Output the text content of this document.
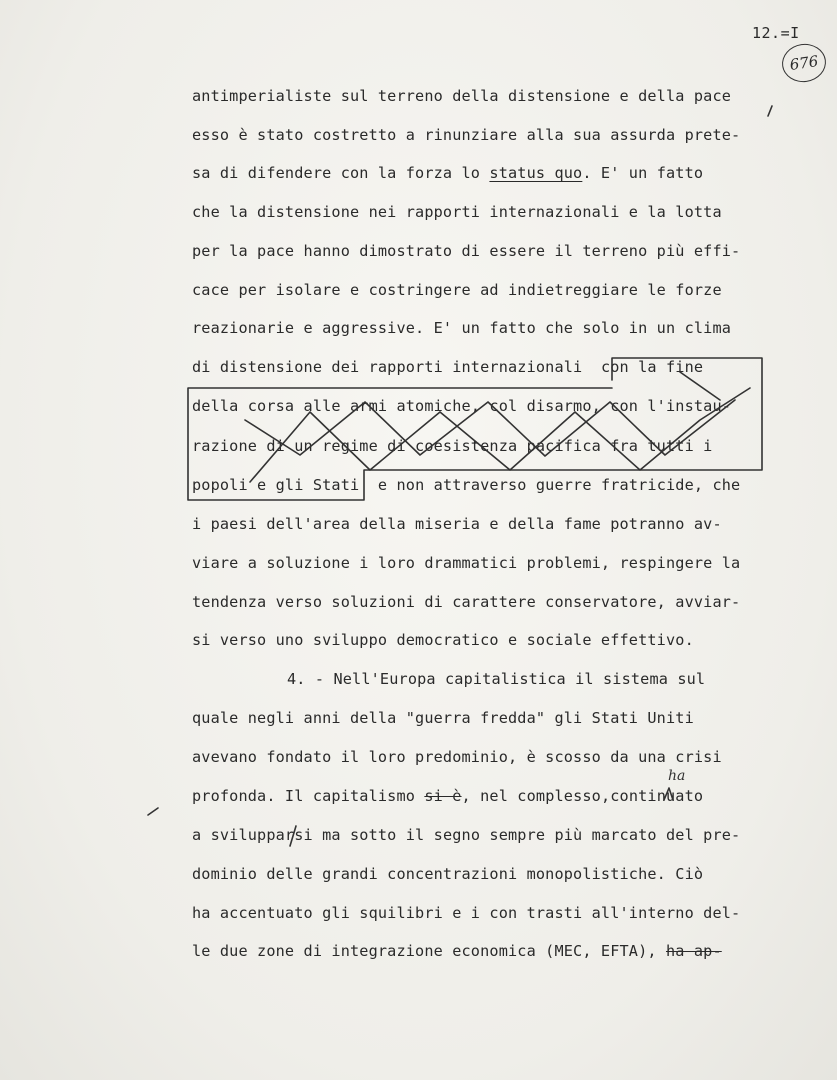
12.=I
676
antimperialiste sul terreno della distensione e della pace
esso è stato costretto a rinunziare alla sua assurda prete-
sa di difendere con la forza lo status quo. E' un fatto
che la distensione nei rapporti internazionali e la lotta
per la pace hanno dimostrato di essere il terreno più effi-
cace per isolare e costringere ad indietreggiare le forze
reazionarie e aggressive. E' un fatto che solo in un clima
di distensione dei rapporti internazionali con la fine
della corsa alle armi atomiche, col disarmo, con l'instau-
razione di un regime di coesistenza pacifica fra tutti i
popoli e gli Stati e non attraverso guerre fratricide, che
i paesi dell'area della miseria e della fame potranno av-
viare a soluzione i loro drammatici problemi, respingere la
tendenza verso soluzioni di carattere conservatore, avviar-
si verso uno sviluppo democratico e sociale effettivo.
4. - Nell'Europa capitalistica il sistema sul
quale negli anni della "guerra fredda" gli Stati Uniti
avevano fondato il loro predominio, è scosso da una crisi
profonda. Il capitalismo si è, nel complesso,continuato
ha
a svilupparsi ma sotto il segno sempre più marcato del pre-
dominio delle grandi concentrazioni monopolistiche. Ciò
ha accentuato gli squilibri e i con trasti all'interno del-
le due zone di integrazione economica (MEC, EFTA), ha ap-
